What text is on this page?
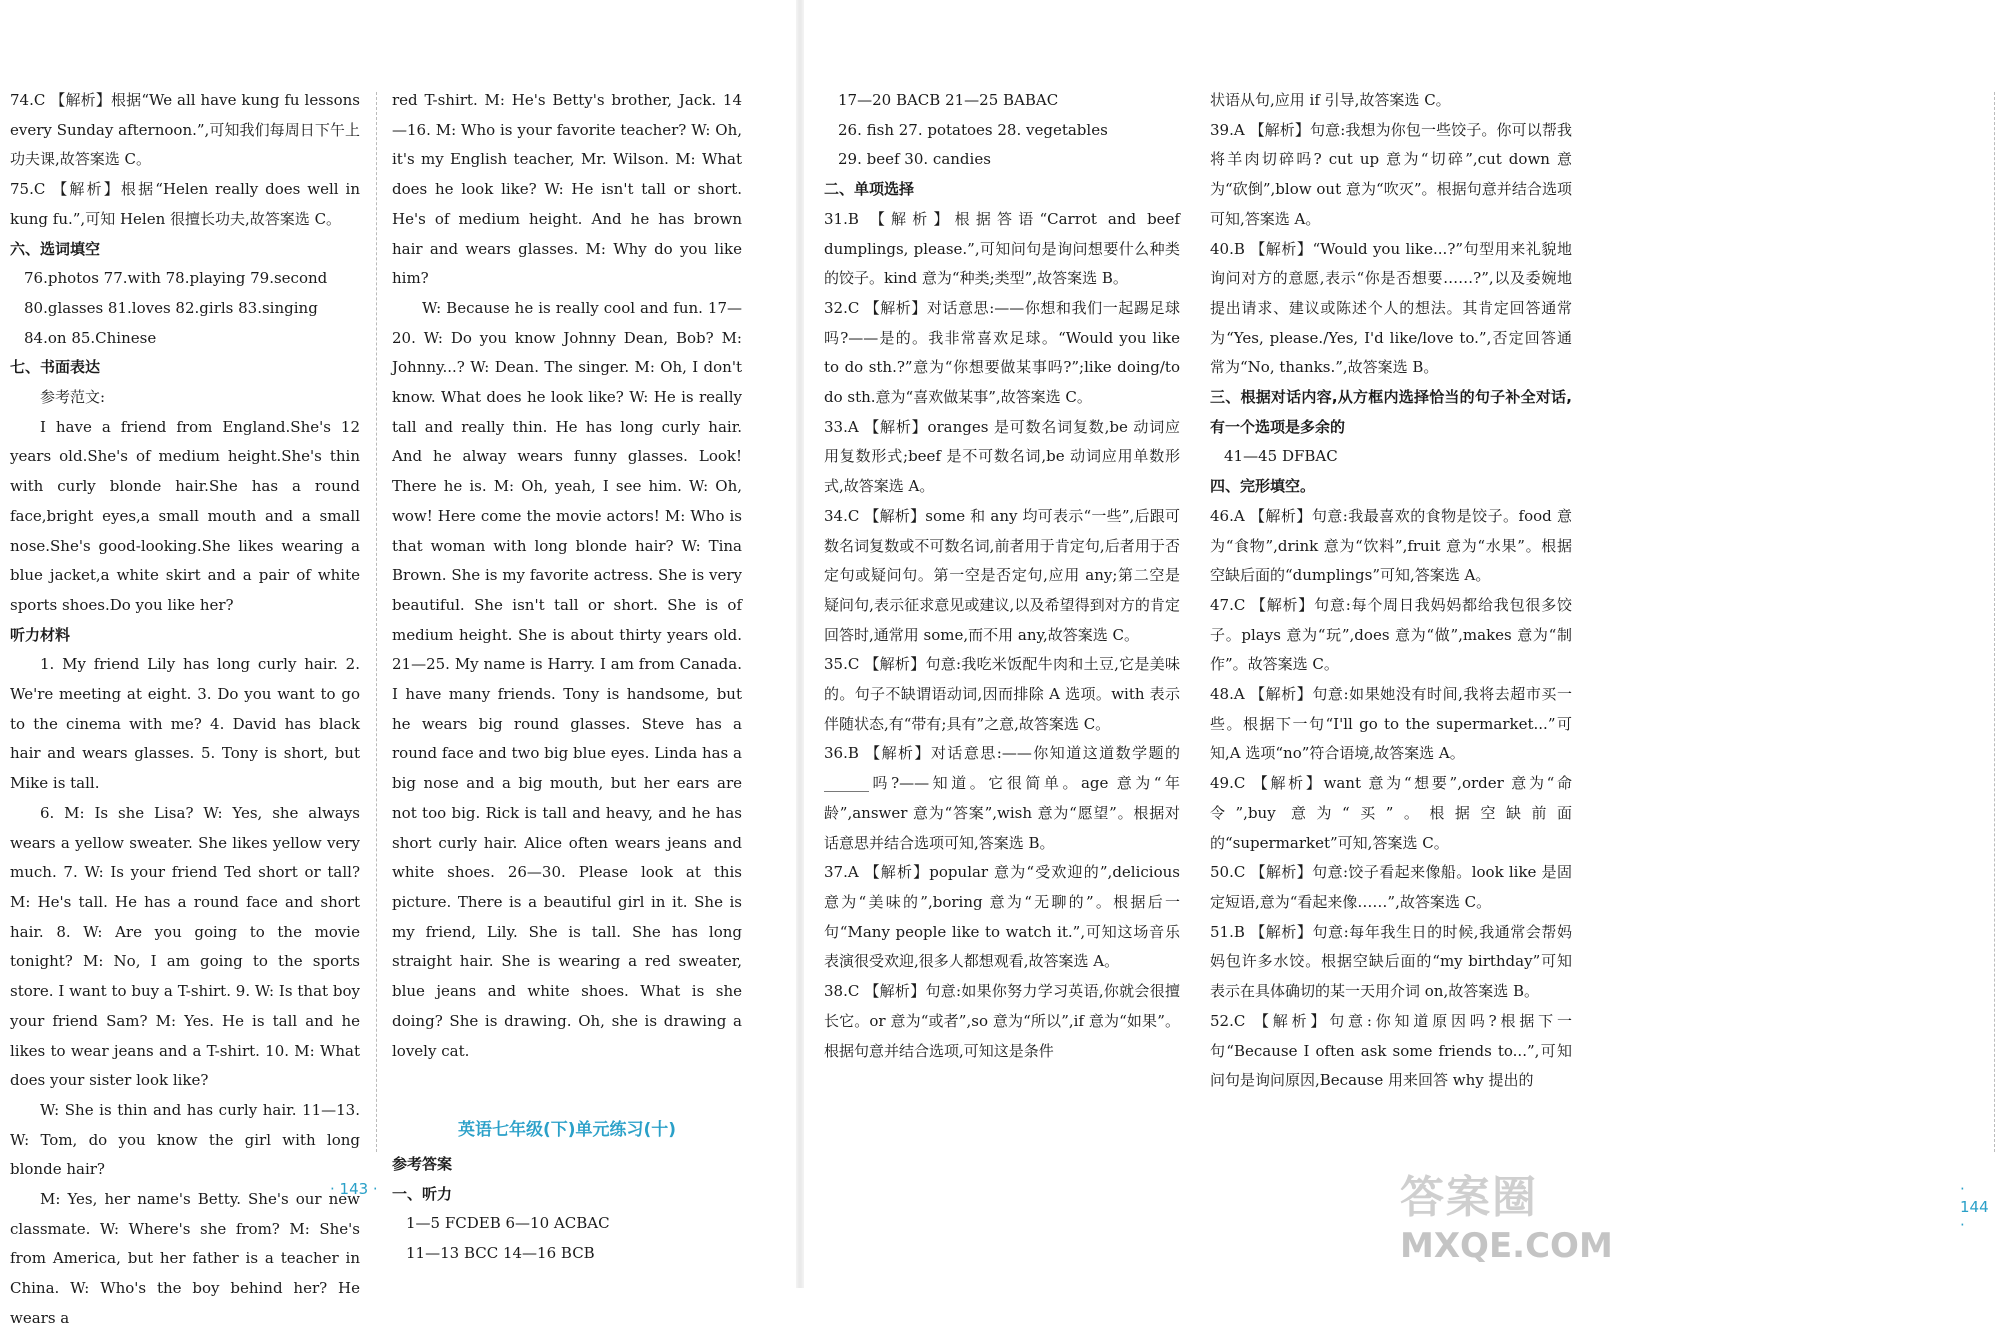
74.C 【解析】根据“We all have kung fu lessons every Sunday afternoon.”,可知我们每周日下午上功夫课,故答案选 C。

75.C 【解析】根据“Helen really does well in kung fu.”,可知 Helen 很擅长功夫,故答案选 C。

六、选词填空

76.photos 77.with 78.playing 79.second

80.glasses 81.loves 82.girls 83.singing

84.on 85.Chinese

七、书面表达

参考范文:

I have a friend from England.She's 12 years old.She's of medium height.She's thin with curly blonde hair.She has a round face,bright eyes,a small mouth and a small nose.She's good-looking.She likes wearing a blue jacket,a white skirt and a pair of white sports shoes.Do you like her?

听力材料

1. My friend Lily has long curly hair. 2. We're meeting at eight. 3. Do you want to go to the cinema with me? 4. David has black hair and wears glasses. 5. Tony is short, but Mike is tall.

6. M: Is she Lisa? W: Yes, she always wears a yellow sweater. She likes yellow very much. 7. W: Is your friend Ted short or tall? M: He's tall. He has a round face and short hair. 8. W: Are you going to the movie tonight? M: No, I am going to the sports store. I want to buy a T-shirt. 9. W: Is that boy your friend Sam? M: Yes. He is tall and he likes to wear jeans and a T-shirt. 10. M: What does your sister look like?

W: She is thin and has curly hair. 11—13. W: Tom, do you know the girl with long blonde hair?

M: Yes, her name's Betty. She's our new classmate. W: Where's she from? M: She's from America, but her father is a teacher in China. W: Who's the boy behind her? He wears a

red T-shirt. M: He's Betty's brother, Jack. 14—16. M: Who is your favorite teacher? W: Oh, it's my English teacher, Mr. Wilson. M: What does he look like? W: He isn't tall or short. He's of medium height. And he has brown hair and wears glasses. M: Why do you like him?

W: Because he is really cool and fun. 17—20. W: Do you know Johnny Dean, Bob? M: Johnny...? W: Dean. The singer. M: Oh, I don't know. What does he look like? W: He is really tall and really thin. He has long curly hair. And he alway wears funny glasses. Look! There he is. M: Oh, yeah, I see him. W: Oh, wow! Here come the movie actors! M: Who is that woman with long blonde hair? W: Tina Brown. She is my favorite actress. She is very beautiful. She isn't tall or short. She is of medium height. She is about thirty years old. 21—25. My name is Harry. I am from Canada. I have many friends. Tony is handsome, but he wears big round glasses. Steve has a round face and two big blue eyes. Linda has a big nose and a big mouth, but her ears are not too big. Rick is tall and heavy, and he has short curly hair. Alice often wears jeans and white shoes. 26—30. Please look at this picture. There is a beautiful girl in it. She is my friend, Lily. She is tall. She has long straight hair. She is wearing a red sweater, blue jeans and white shoes. What is she doing? She is drawing. Oh, she is drawing a lovely cat.

英语七年级(下)单元练习(十)

参考答案

一、听力

1—5 FCDEB 6—10 ACBAC

11—13 BCC 14—16 BCB

· 143 ·

17—20 BACB 21—25 BABAC

26. fish 27. potatoes 28. vegetables

29. beef 30. candies

二、单项选择

31.B 【解析】根据答语“Carrot and beef dumplings, please.”,可知问句是询问想要什么种类的饺子。kind 意为“种类;类型”,故答案选 B。

32.C 【解析】对话意思:——你想和我们一起踢足球吗?——是的。我非常喜欢足球。“Would you like to do sth.?”意为“你想要做某事吗?”;like doing/to do sth.意为“喜欢做某事”,故答案选 C。

33.A 【解析】oranges 是可数名词复数,be 动词应用复数形式;beef 是不可数名词,be 动词应用单数形式,故答案选 A。

34.C 【解析】some 和 any 均可表示“一些”,后跟可数名词复数或不可数名词,前者用于肯定句,后者用于否定句或疑问句。第一空是否定句,应用 any;第二空是疑问句,表示征求意见或建议,以及希望得到对方的肯定回答时,通常用 some,而不用 any,故答案选 C。

35.C 【解析】句意:我吃米饭配牛肉和土豆,它是美味的。句子不缺谓语动词,因而排除 A 选项。with 表示伴随状态,有“带有;具有”之意,故答案选 C。

36.B 【解析】对话意思:——你知道这道数学题的______吗?——知道。它很简单。age 意为“年龄”,answer 意为“答案”,wish 意为“愿望”。根据对话意思并结合选项可知,答案选 B。

37.A 【解析】popular 意为“受欢迎的”,delicious 意为“美味的”,boring 意为“无聊的”。根据后一句“Many people like to watch it.”,可知这场音乐表演很受欢迎,很多人都想观看,故答案选 A。

38.C 【解析】句意:如果你努力学习英语,你就会很擅长它。or 意为“或者”,so 意为“所以”,if 意为“如果”。根据句意并结合选项,可知这是条件

状语从句,应用 if 引导,故答案选 C。

39.A 【解析】句意:我想为你包一些饺子。你可以帮我将羊肉切碎吗? cut up 意为“切碎”,cut down 意为“砍倒”,blow out 意为“吹灭”。根据句意并结合选项可知,答案选 A。

40.B 【解析】“Would you like...?”句型用来礼貌地询问对方的意愿,表示“你是否想要……?”,以及委婉地提出请求、建议或陈述个人的想法。其肯定回答通常为“Yes, please./Yes, I'd like/love to.”,否定回答通常为“No, thanks.”,故答案选 B。

三、根据对话内容,从方框内选择恰当的句子补全对话,有一个选项是多余的

41—45 DFBAC

四、完形填空。

46.A 【解析】句意:我最喜欢的食物是饺子。food 意为“食物”,drink 意为“饮料”,fruit 意为“水果”。根据空缺后面的“dumplings”可知,答案选 A。

47.C 【解析】句意:每个周日我妈妈都给我包很多饺子。plays 意为“玩”,does 意为“做”,makes 意为“制作”。故答案选 C。

48.A 【解析】句意:如果她没有时间,我将去超市买一些。根据下一句“I'll go to the supermarket...”可知,A 选项“no”符合语境,故答案选 A。

49.C 【解析】want 意为“想要”,order 意为“命令”,buy 意为“买”。根据空缺前面的“supermarket”可知,答案选 C。

50.C 【解析】句意:饺子看起来像船。look like 是固定短语,意为“看起来像……”,故答案选 C。

51.B 【解析】句意:每年我生日的时候,我通常会帮妈妈包许多水饺。根据空缺后面的“my birthday”可知表示在具体确切的某一天用介词 on,故答案选 B。

52.C 【解析】句意:你知道原因吗?根据下一句“Because I often ask some friends to...”,可知问句是询问原因,Because 用来回答 why 提出的

· 144 ·
答案圈
MXQE.COM
